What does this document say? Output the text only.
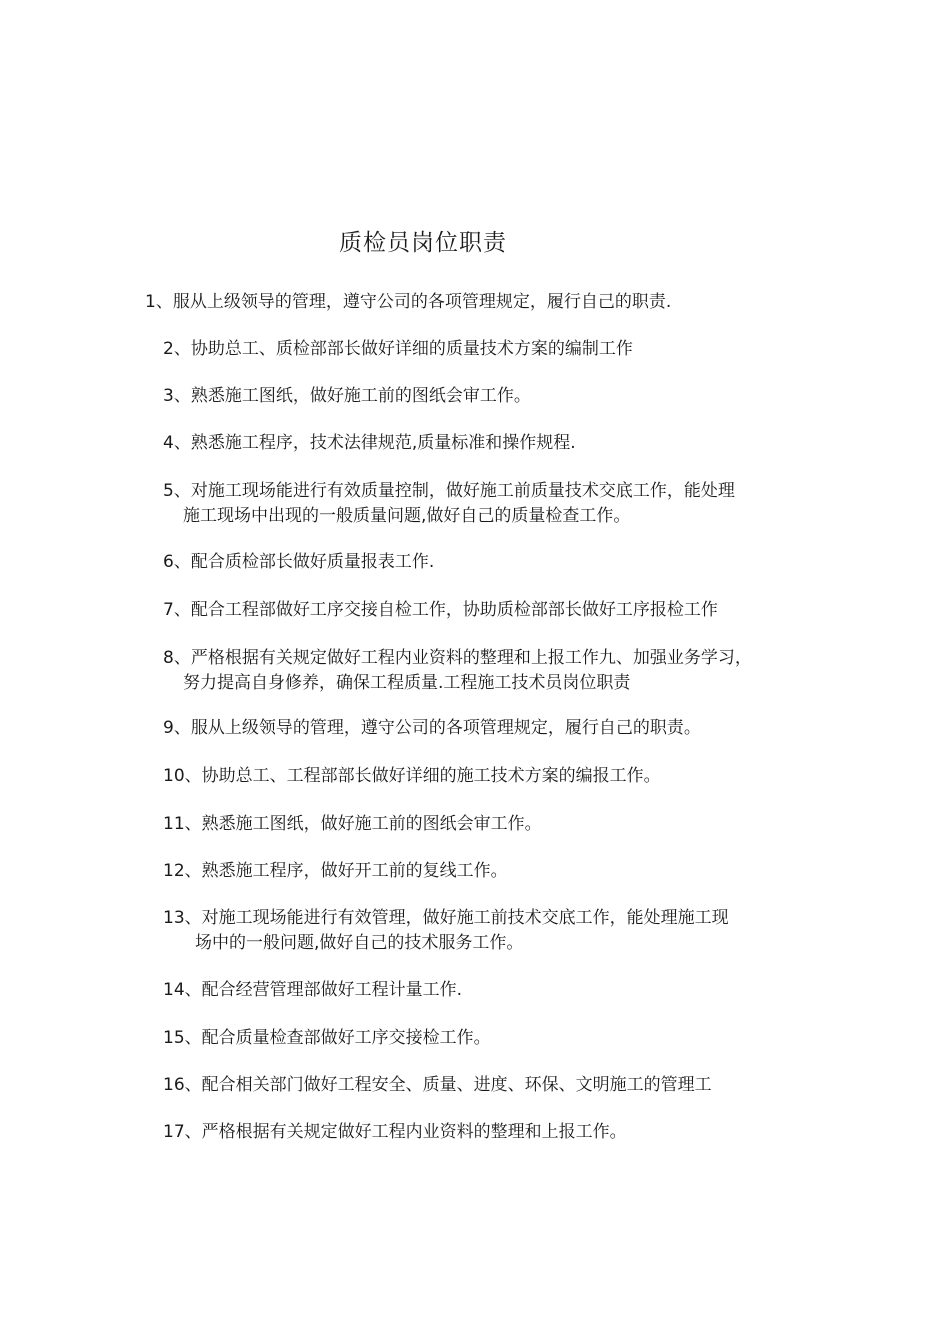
质检员岗位职责
1、服从上级领导的管理，遵守公司的各项管理规定，履行自己的职责.
2、协助总工、质检部部长做好详细的质量技术方案的编制工作
3、熟悉施工图纸，做好施工前的图纸会审工作。
4、熟悉施工程序，技术法律规范,质量标准和操作规程.
5、对施工现场能进行有效质量控制，做好施工前质量技术交底工作，能处理
施工现场中出现的一般质量问题,做好自己的质量检查工作。
6、配合质检部长做好质量报表工作.
7、配合工程部做好工序交接自检工作，协助质检部部长做好工序报检工作
8、严格根据有关规定做好工程内业资料的整理和上报工作九、加强业务学习，
努力提高自身修养，确保工程质量.工程施工技术员岗位职责
9、服从上级领导的管理，遵守公司的各项管理规定，履行自己的职责。
10、协助总工、工程部部长做好详细的施工技术方案的编报工作。
11、熟悉施工图纸，做好施工前的图纸会审工作。
12、熟悉施工程序，做好开工前的复线工作。
13、对施工现场能进行有效管理，做好施工前技术交底工作，能处理施工现
场中的一般问题,做好自己的技术服务工作。
14、配合经营管理部做好工程计量工作.
15、配合质量检查部做好工序交接检工作。
16、配合相关部门做好工程安全、质量、进度、环保、文明施工的管理工
17、严格根据有关规定做好工程内业资料的整理和上报工作。
